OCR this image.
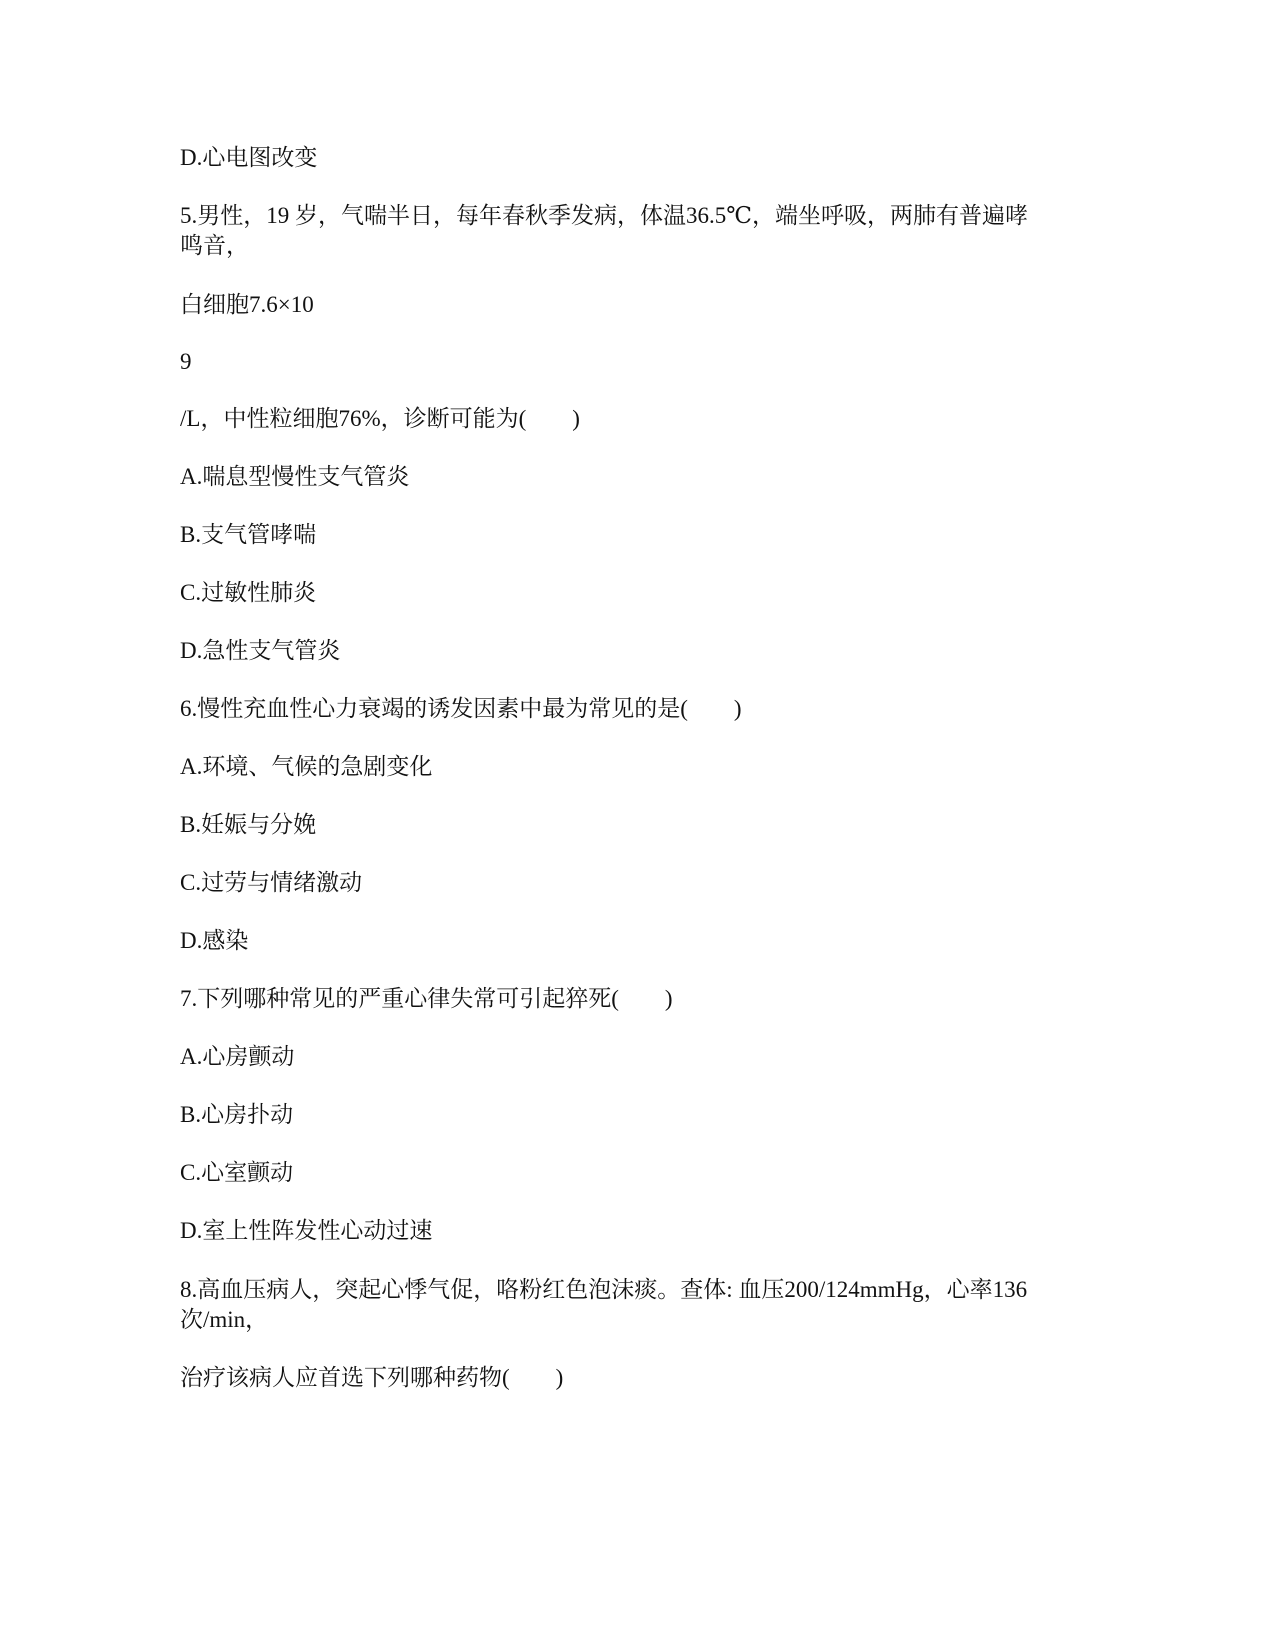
D.心电图改变

5.男性，19 岁，气喘半日，每年春秋季发病，体温36.5℃，端坐呼吸，两肺有普遍哮鸣音，

白细胞7.6×10

9

/L，中性粒细胞76%，诊断可能为(　　)

A.喘息型慢性支气管炎

B.支气管哮喘

C.过敏性肺炎

D.急性支气管炎

6.慢性充血性心力衰竭的诱发因素中最为常见的是(　　)

A.环境、气候的急剧变化

B.妊娠与分娩

C.过劳与情绪激动

D.感染

7.下列哪种常见的严重心律失常可引起猝死(　　)

A.心房颤动

B.心房扑动

C.心室颤动

D.室上性阵发性心动过速

8.高血压病人，突起心悸气促，咯粉红色泡沫痰。查体: 血压200/124mmHg，心率136次/min，

治疗该病人应首选下列哪种药物(　　)
